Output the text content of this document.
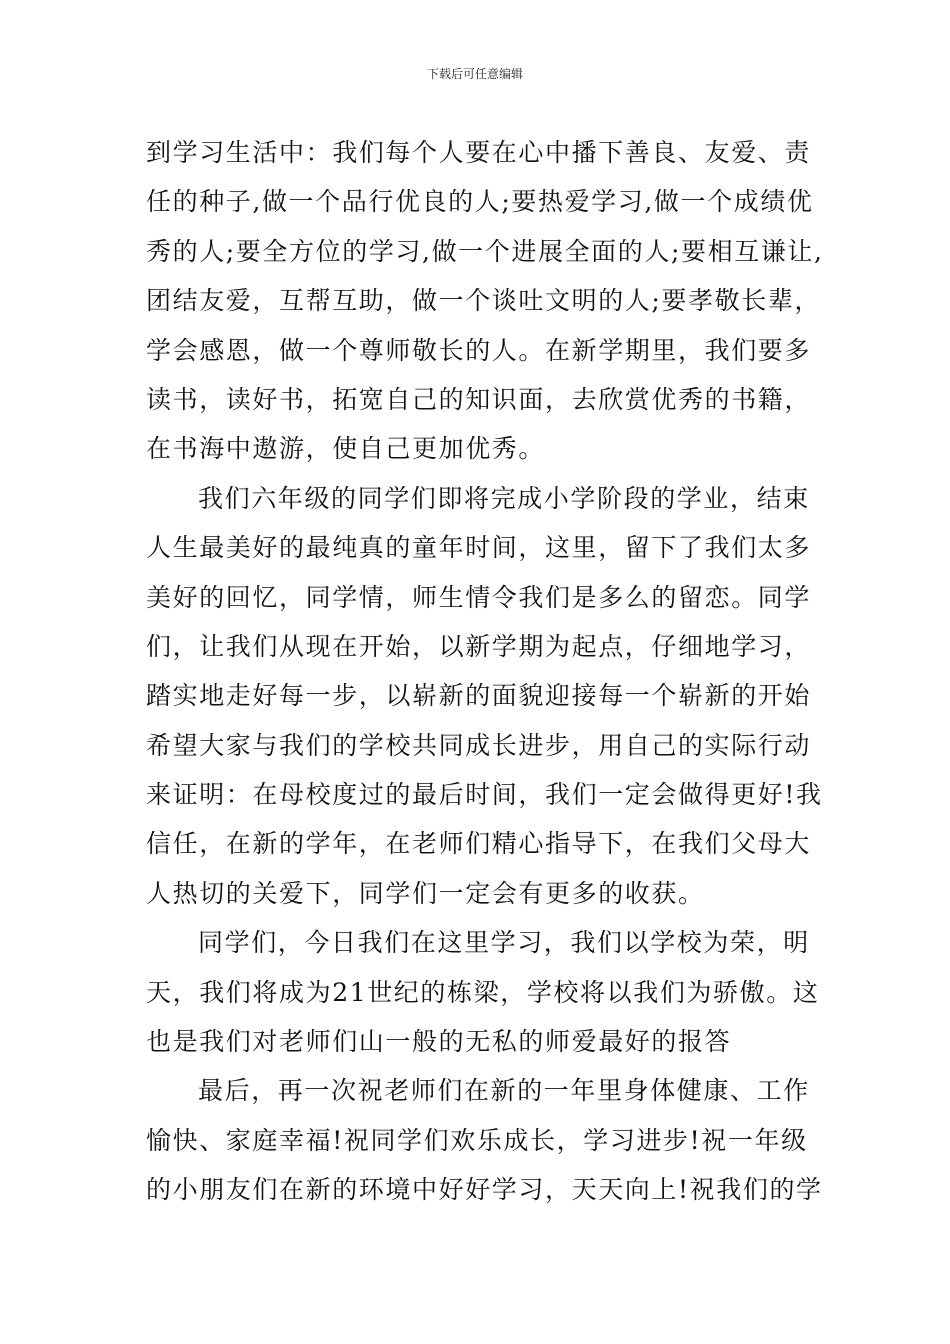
下载后可任意编辑
到学习生活中：我们每个人要在心中播下善良、友爱、责
任的种子,做一个品行优良的人;要热爱学习,做一个成绩优
秀的人;要全方位的学习,做一个进展全面的人;要相互谦让,
团结友爱，互帮互助，做一个谈吐文明的人;要孝敬长辈，
学会感恩，做一个尊师敬长的人。在新学期里，我们要多
读书，读好书，拓宽自己的知识面，去欣赏优秀的书籍，
在书海中遨游，使自己更加优秀。
我们六年级的同学们即将完成小学阶段的学业，结束
人生最美好的最纯真的童年时间，这里，留下了我们太多
美好的回忆，同学情，师生情令我们是多么的留恋。同学
们，让我们从现在开始，以新学期为起点，仔细地学习，
踏实地走好每一步，以崭新的面貌迎接每一个崭新的开始
希望大家与我们的学校共同成长进步，用自己的实际行动
来证明：在母校度过的最后时间，我们一定会做得更好!我
信任，在新的学年，在老师们精心指导下，在我们父母大
人热切的关爱下，同学们一定会有更多的收获。
同学们，今日我们在这里学习，我们以学校为荣，明
天，我们将成为21世纪的栋梁，学校将以我们为骄傲。这
也是我们对老师们山一般的无私的师爱最好的报答
最后，再一次祝老师们在新的一年里身体健康、工作
愉快、家庭幸福!祝同学们欢乐成长，学习进步!祝一年级
的小朋友们在新的环境中好好学习，天天向上!祝我们的学
